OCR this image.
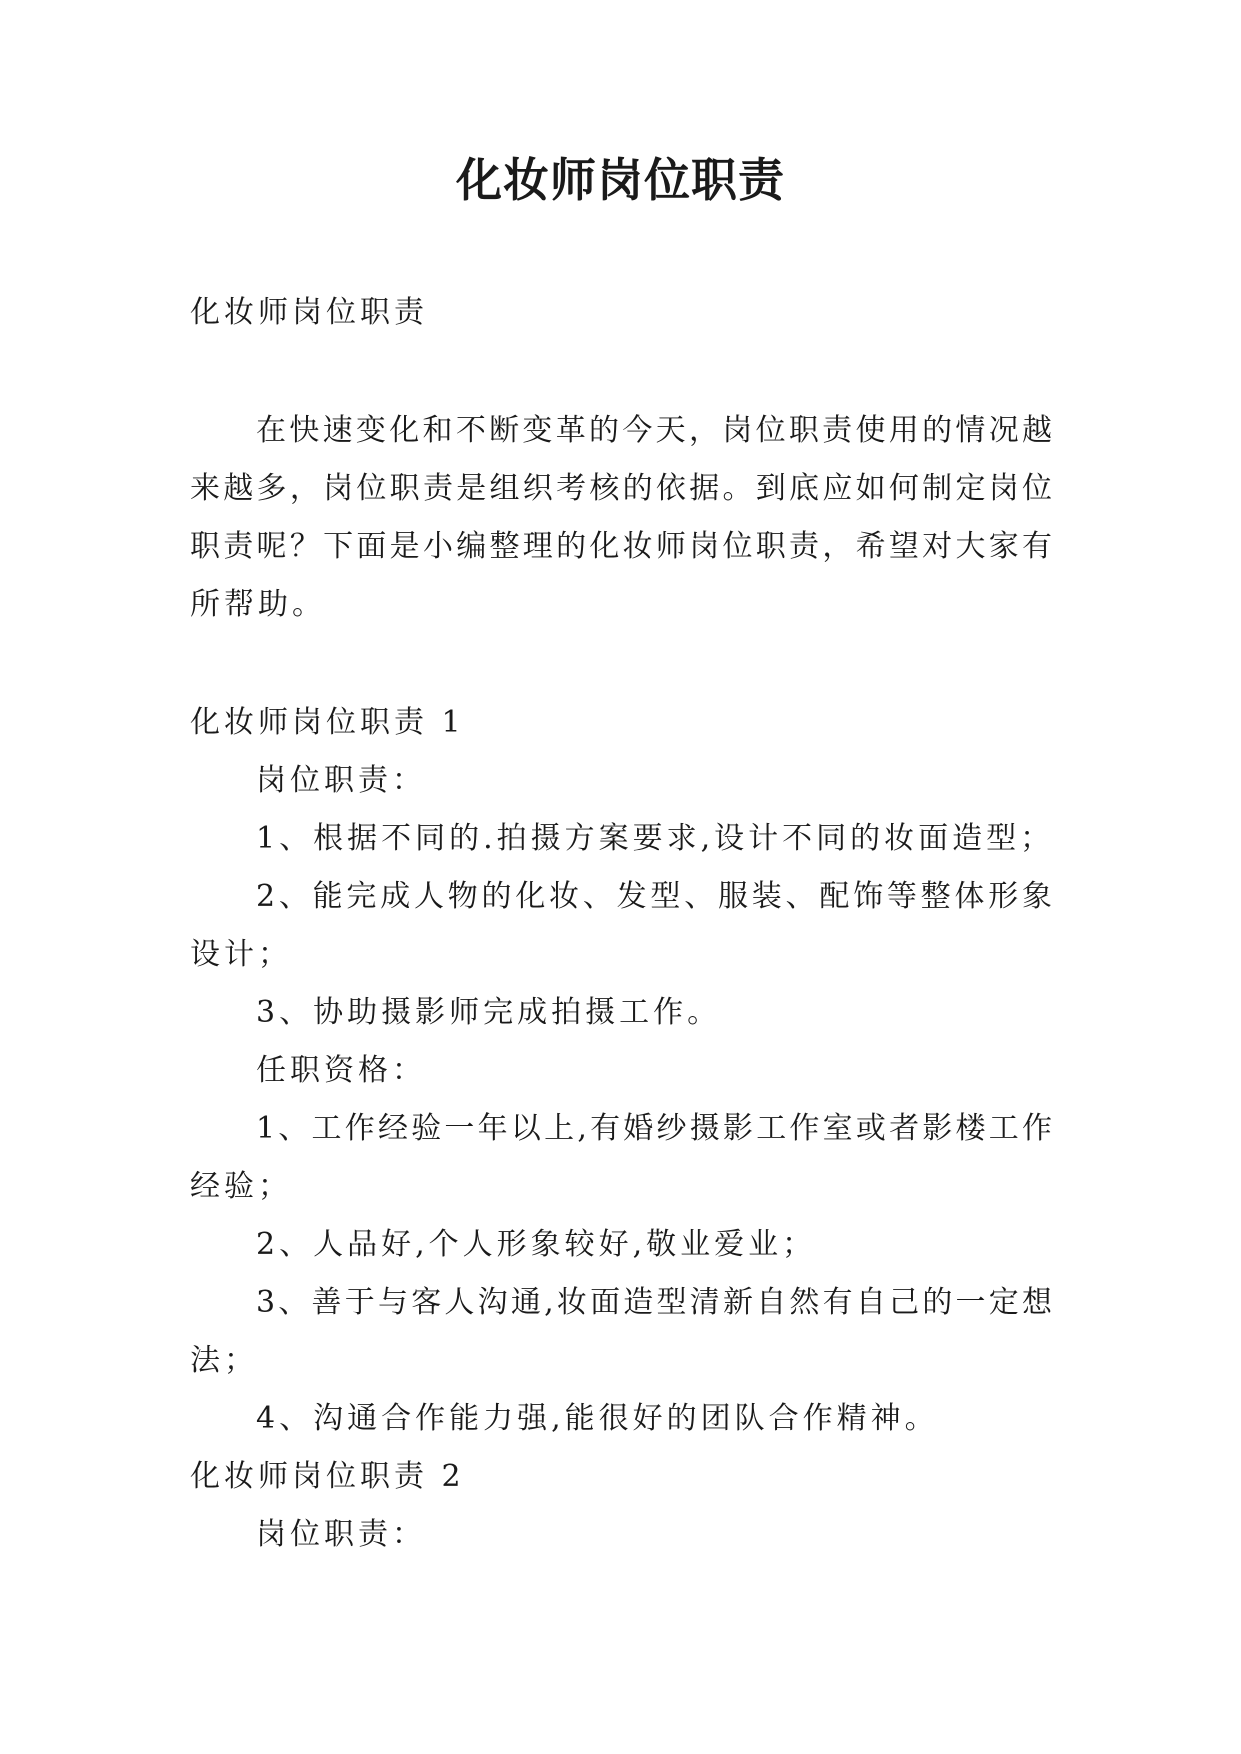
化妆师岗位职责
化妆师岗位职责
在快速变化和不断变革的今天，岗位职责使用的情况越
来越多，岗位职责是组织考核的依据。到底应如何制定岗位
职责呢？下面是小编整理的化妆师岗位职责，希望对大家有
所帮助。
化妆师岗位职责 1
岗位职责：
1、根据不同的.拍摄方案要求,设计不同的妆面造型；
2、能完成人物的化妆、发型、服装、配饰等整体形象
设计；
3、协助摄影师完成拍摄工作。
任职资格：
1、工作经验一年以上,有婚纱摄影工作室或者影楼工作
经验；
2、人品好,个人形象较好,敬业爱业；
3、善于与客人沟通,妆面造型清新自然有自己的一定想
法；
4、沟通合作能力强,能很好的团队合作精神。
化妆师岗位职责 2
岗位职责：
